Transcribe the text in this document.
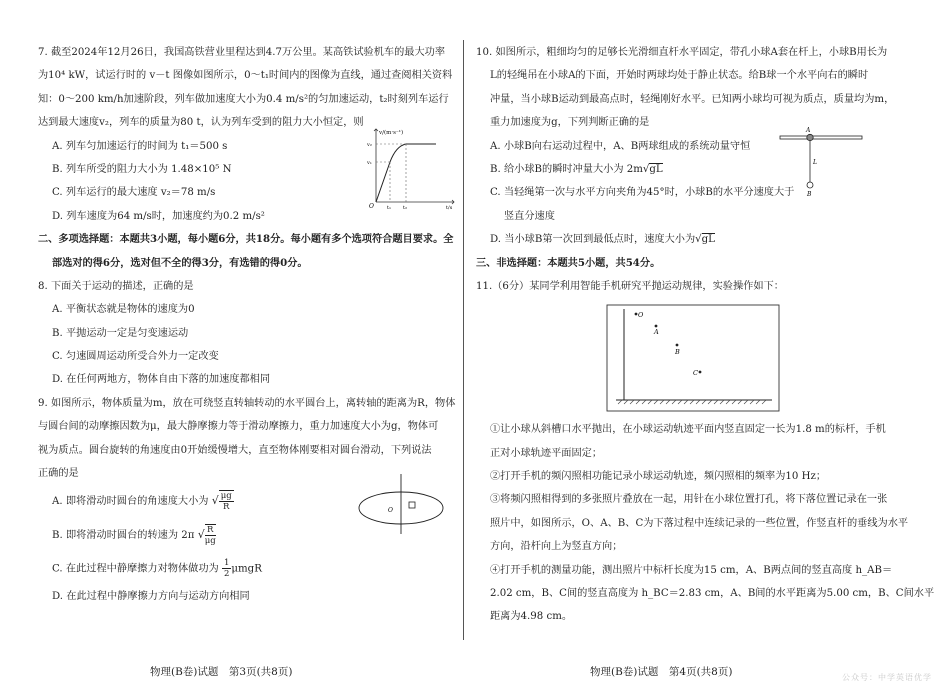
7. 截至2024年12月26日，我国高铁营业里程达到4.7万公里。某高铁试验机车的最大功率
为10⁴ kW，试运行时的 v－t 图像如图所示，0～t₁时间内的图像为直线，通过查阅相关资料
知：0～200 km/h加速阶段，列车做加速度大小为0.4 m/s²的匀加速运动，t₂时刻列车运行
达到最大速度v₂，列车的质量为80 t，认为列车受到的阻力大小恒定，则
A. 列车匀加速运行的时间为 t₁＝500 s
B. 列车所受的阻力大小为 1.48×10⁵ N
C. 列车运行的最大速度 v₂＝78 m/s
D. 列车速度为64 m/s时，加速度约为0.2 m/s²
v/(m·s⁻¹)
v₂
v₁
O	t₁ t₂	t/s
二、多项选择题：本题共3小题，每小题6分，共18分。每小题有多个选项符合题目要求。全
部选对的得6分，选对但不全的得3分，有选错的得0分。
8. 下面关于运动的描述，正确的是
A. 平衡状态就是物体的速度为0
B. 平抛运动一定是匀变速运动
C. 匀速圆周运动所受合外力一定改变
D. 在任何两地方，物体自由下落的加速度都相同
9. 如图所示，物体质量为m，放在可绕竖直转轴转动的水平圆台上，离转轴的距离为R，物体
与圆台间的动摩擦因数为μ，最大静摩擦力等于滑动摩擦力，重力加速度大小为g，物体可
视为质点。圆台旋转的角速度由0开始缓慢增大，直至物体刚要相对圆台滑动，下列说法
正确的是
A. 即将滑动时圆台的角速度大小为 √ $\frac{\mu g}{R}$
B. 即将滑动时圆台的转速为 2π √ $\frac{R}{\mu g}$
C. 在此过程中静摩擦力对物体做功为 $\frac{1}{2}$ μmgR
D. 在此过程中静摩擦力方向与运动方向相同
O
10. 如图所示，粗细均匀的足够长光滑细直杆水平固定，带孔小球A套在杆上，小球B用长为
L的轻绳吊在小球A的下面，开始时两球均处于静止状态。给B球一个水平向右的瞬时
冲量，当小球B运动到最高点时，轻绳刚好水平。已知两小球均可视为质点，质量均为m，
重力加速度为g，下列判断正确的是
A. 小球B向右运动过程中，A、B两球组成的系统动量守恒
B. 给小球B的瞬时冲量大小为 2m√gL
C. 当轻绳第一次与水平方向夹角为45°时，小球B的水平分速度大于
竖直分速度
D. 当小球B第一次回到最低点时，速度大小为√gL
A
L
B
三、非选择题：本题共5小题，共54分。
11.（6分）某同学利用智能手机研究平抛运动规律，实验操作如下：
O
A
B
C
①让小球从斜槽口水平抛出，在小球运动轨迹平面内竖直固定一长为1.8 m的标杆，手机
正对小球轨迹平面固定；
②打开手机的频闪照相功能记录小球运动轨迹，频闪照相的频率为10 Hz；
③将频闪照相得到的多张照片叠放在一起，用针在小球位置打孔，将下落位置记录在一张
照片中，如图所示，O、A、B、C为下落过程中连续记录的一些位置，作竖直杆的垂线为水平
方向，沿杆向上为竖直方向；
④打开手机的测量功能，测出照片中标杆长度为15 cm，A、B两点间的竖直高度 h_AB＝
2.02 cm，B、C间的竖直高度为 h_BC＝2.83 cm，A、B间的水平距离为5.00 cm，B、C间水平
距离为4.98 cm。
物理(B卷)试题　第3页(共8页)	物理(B卷)试题　第4页(共8页)	公众号：中学英语优学
